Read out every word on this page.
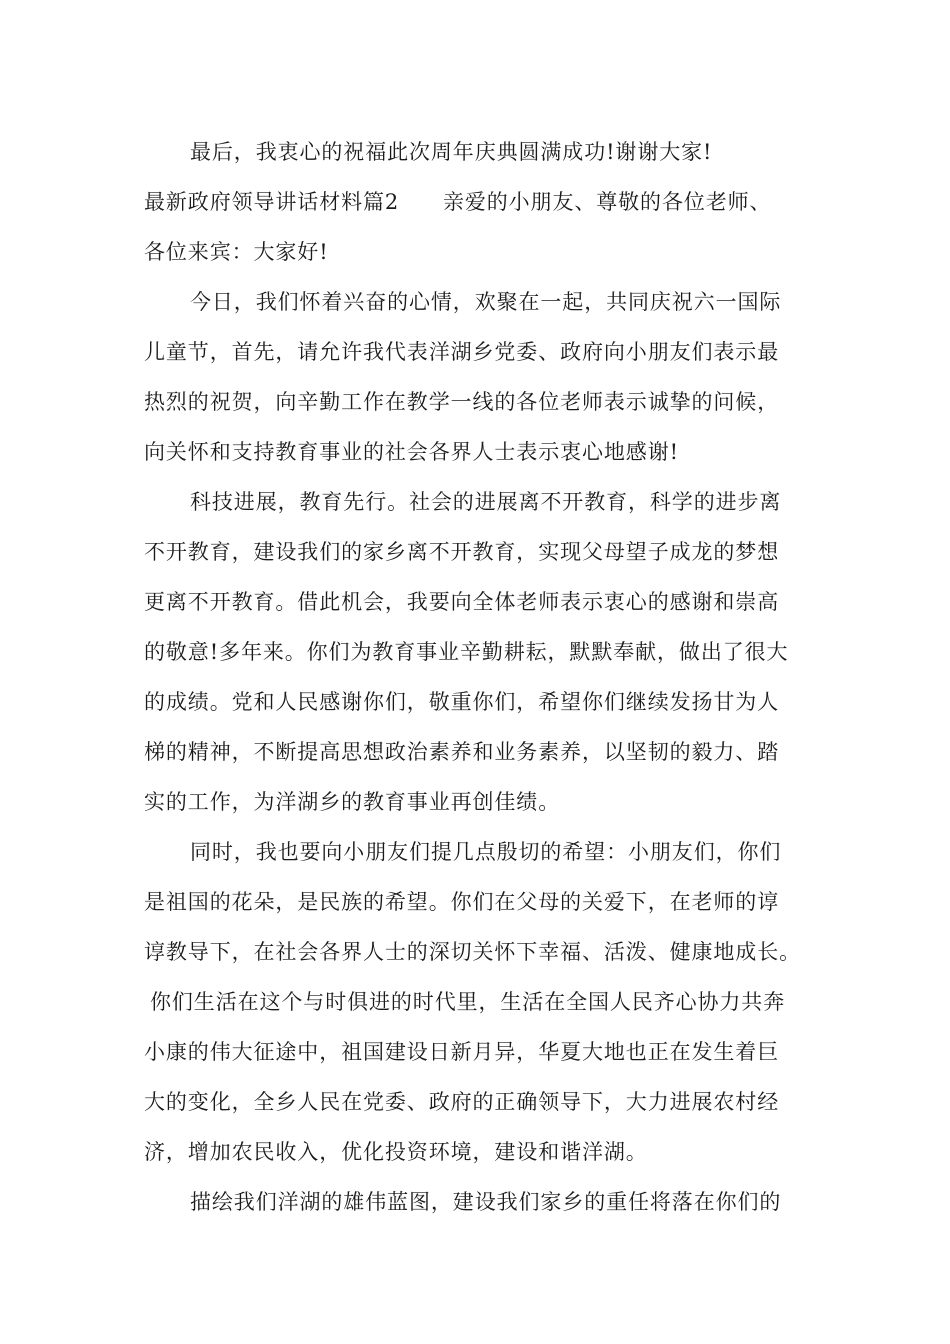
最后，我衷心的祝福此次周年庆典圆满成功!谢谢大家!
最新政府领导讲话材料篇2　　亲爱的小朋友、尊敬的各位老师、
各位来宾：大家好!
今日，我们怀着兴奋的心情，欢聚在一起，共同庆祝六一国际
儿童节，首先，请允许我代表洋湖乡党委、政府向小朋友们表示最
热烈的祝贺，向辛勤工作在教学一线的各位老师表示诚挚的问候，
向关怀和支持教育事业的社会各界人士表示衷心地感谢!
科技进展，教育先行。社会的进展离不开教育，科学的进步离
不开教育，建设我们的家乡离不开教育，实现父母望子成龙的梦想
更离不开教育。借此机会，我要向全体老师表示衷心的感谢和崇高
的敬意!多年来。你们为教育事业辛勤耕耘，默默奉献，做出了很大
的成绩。党和人民感谢你们，敬重你们，希望你们继续发扬甘为人
梯的精神，不断提高思想政治素养和业务素养，以坚韧的毅力、踏
实的工作，为洋湖乡的教育事业再创佳绩。
同时，我也要向小朋友们提几点殷切的希望：小朋友们，你们
是祖国的花朵，是民族的希望。你们在父母的关爱下，在老师的谆
谆教导下，在社会各界人士的深切关怀下幸福、活泼、健康地成长。
你们生活在这个与时俱进的时代里，生活在全国人民齐心协力共奔
小康的伟大征途中，祖国建设日新月异，华夏大地也正在发生着巨
大的变化，全乡人民在党委、政府的正确领导下，大力进展农村经
济，增加农民收入，优化投资环境，建设和谐洋湖。
描绘我们洋湖的雄伟蓝图，建设我们家乡的重任将落在你们的
